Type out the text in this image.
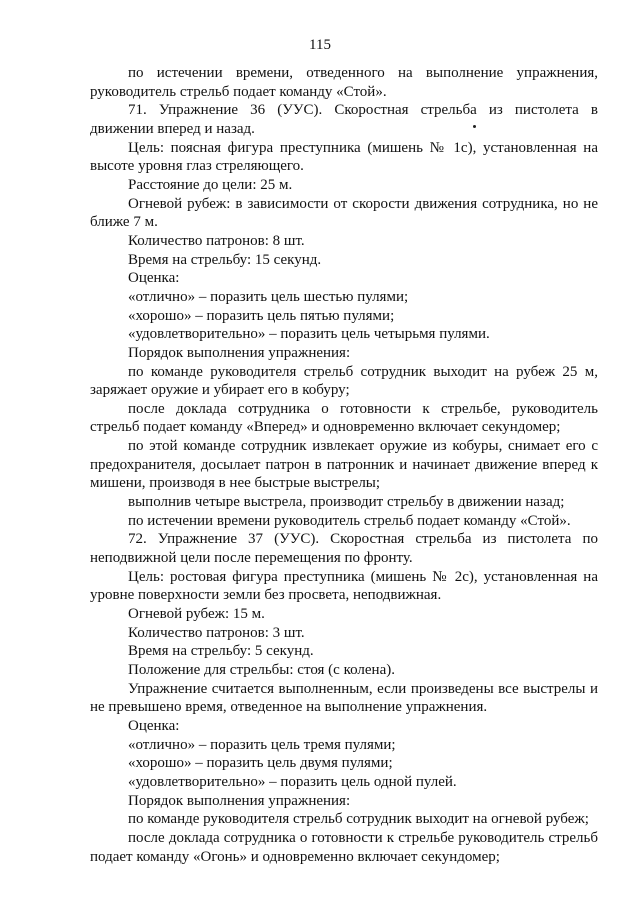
115

по истечении времени, отведенного на выполнение упражнения, руководитель стрельб подает команду «Стой».

71. Упражнение 36 (УУС). Скоростная стрельба из пистолета в движении вперед и назад.

Цель: поясная фигура преступника (мишень № 1с), установленная на высоте уровня глаз стреляющего.

Расстояние до цели: 25 м.

Огневой рубеж: в зависимости от скорости движения сотрудника, но не ближе 7 м.

Количество патронов: 8 шт.

Время на стрельбу: 15 секунд.

Оценка:

«отлично» – поразить цель шестью пулями;

«хорошо» – поразить цель пятью пулями;

«удовлетворительно» – поразить цель четырьмя пулями.

Порядок выполнения упражнения:

по команде руководителя стрельб сотрудник выходит на рубеж 25 м, заряжает оружие и убирает его в кобуру;

после доклада сотрудника о готовности к стрельбе, руководитель стрельб подает команду «Вперед» и одновременно включает секундомер;

по этой команде сотрудник извлекает оружие из кобуры, снимает его с предохранителя, досылает патрон в патронник и начинает движение вперед к мишени, производя в нее быстрые выстрелы;

выполнив четыре выстрела, производит стрельбу в движении назад;

по истечении времени руководитель стрельб подает команду «Стой».

72. Упражнение 37 (УУС). Скоростная стрельба из пистолета по неподвижной цели после перемещения по фронту.

Цель: ростовая фигура преступника (мишень № 2с), установленная на уровне поверхности земли без просвета, неподвижная.

Огневой рубеж: 15 м.

Количество патронов: 3 шт.

Время на стрельбу: 5 секунд.

Положение для стрельбы: стоя (с колена).

Упражнение считается выполненным, если произведены все выстрелы и не превышено время, отведенное на выполнение упражнения.

Оценка:

«отлично» – поразить цель тремя пулями;

«хорошо» – поразить цель двумя пулями;

«удовлетворительно» – поразить цель одной пулей.

Порядок выполнения упражнения:

по команде руководителя стрельб сотрудник выходит на огневой рубеж;

после доклада сотрудника о готовности к стрельбе руководитель стрельб подает команду «Огонь» и одновременно включает секундомер;
